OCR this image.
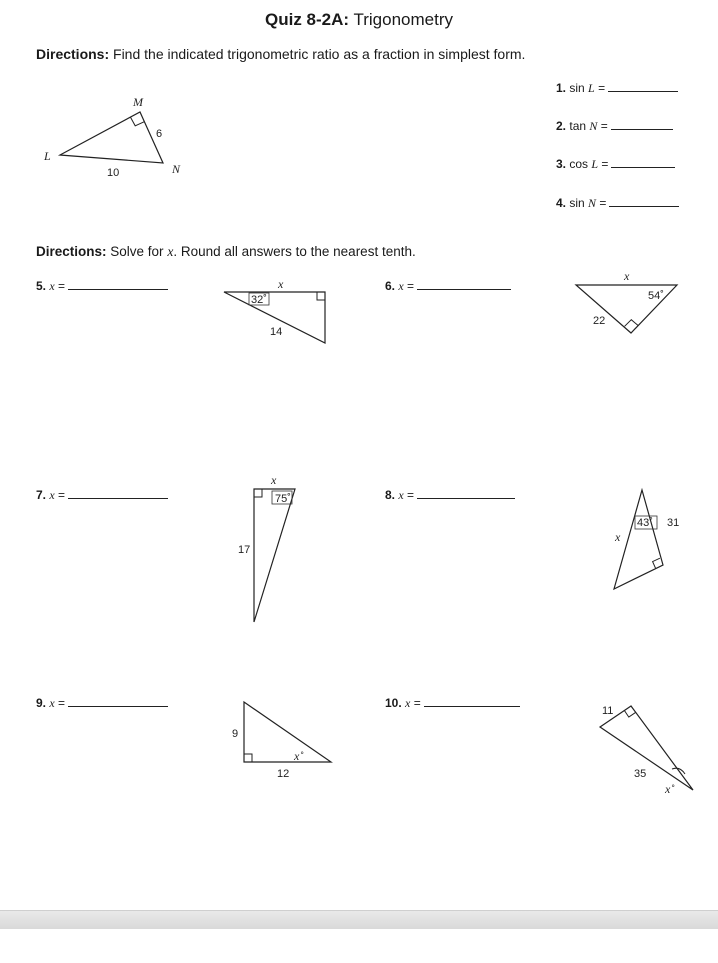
Quiz 8-2A: Trigonometry
Directions: Find the indicated trigonometric ratio as a fraction in simplest form.
M
L
N
6
10
1. sin L =
2. tan N =
3. cos L =
4. sin N =
Directions: Solve for x. Round all answers to the nearest tenth.
5. x =	6. x =
7. x =	8. x =
9. x =	10. x =
x
32˚
14
x
54˚
22
x
75˚
17
x
43˚ 31
9
12
x˚
11
35
x˚
